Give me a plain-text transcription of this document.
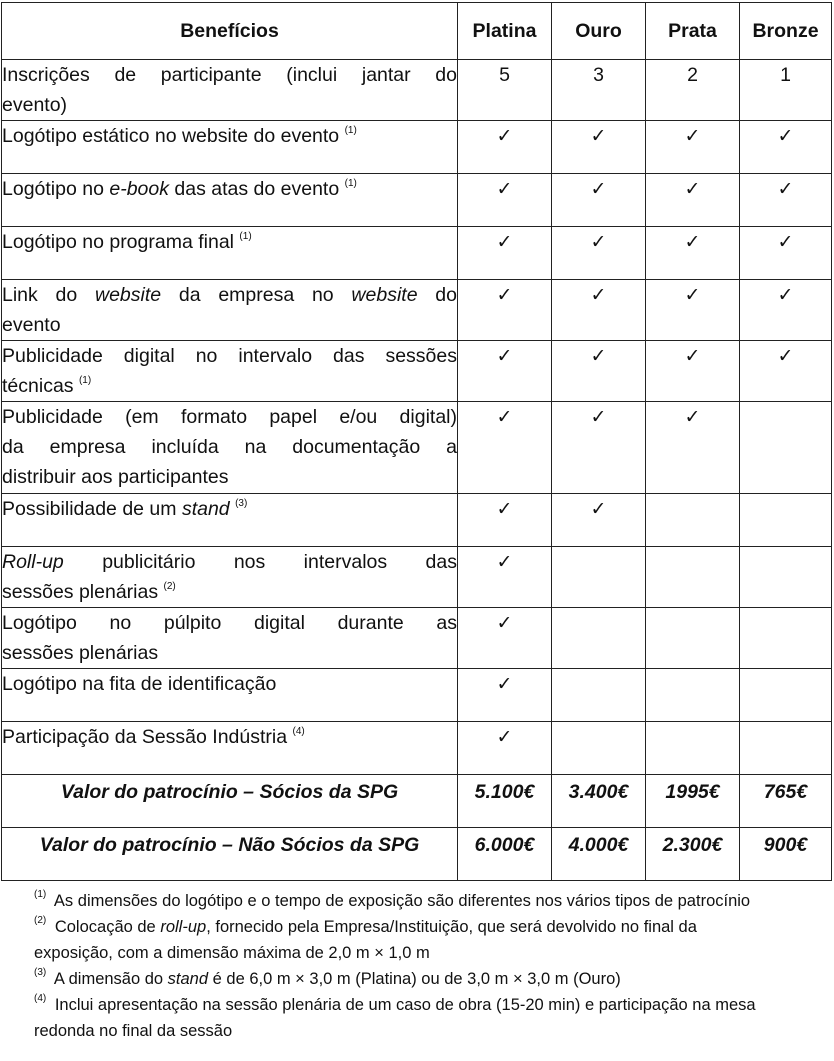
Benefícios	Platina	Ouro	Prata	Bronze

Inscrições de participante (inclui jantar do
evento)	5	3	2	1

Logótipo estático no website do evento $^{(1)}$	✓	✓	✓	✓

Logótipo no e-book das atas do evento $^{(1)}$	✓	✓	✓	✓

Logótipo no programa final $^{(1)}$	✓	✓	✓	✓

Link do website da empresa no website do
evento	✓	✓	✓	✓

Publicidade digital no intervalo das sessões
técnicas $^{(1)}$	✓	✓	✓	✓

Publicidade (em formato papel e/ou digital)
da empresa incluída na documentação a
distribuir aos participantes	✓	✓	✓	

Possibilidade de um stand $^{(3)}$	✓	✓		

Roll-up publicitário nos intervalos das
sessões plenárias $^{(2)}$	✓			

Logótipo no púlpito digital durante as
sessões plenárias	✓			

Logótipo na fita de identificação	✓			

Participação da Sessão Indústria $^{(4)}$	✓			
Valor do patrocínio – Sócios da SPG	5.100€	3.400€	1995€	765€
Valor do patrocínio – Não Sócios da SPG	6.000€	4.000€	2.300€	900€

$^{(1)}$ As dimensões do logótipo e o tempo de exposição são diferentes nos vários tipos de patrocínio

$^{(2)}$ Colocação de roll-up, fornecido pela Empresa/Instituição, que será devolvido no final da
exposição, com a dimensão máxima de 2,0 m × 1,0 m

$^{(3)}$ A dimensão do stand é de 6,0 m × 3,0 m (Platina) ou de 3,0 m × 3,0 m (Ouro)

$^{(4)}$ Inclui apresentação na sessão plenária de um caso de obra (15-20 min) e participação na mesa
redonda no final da sessão
